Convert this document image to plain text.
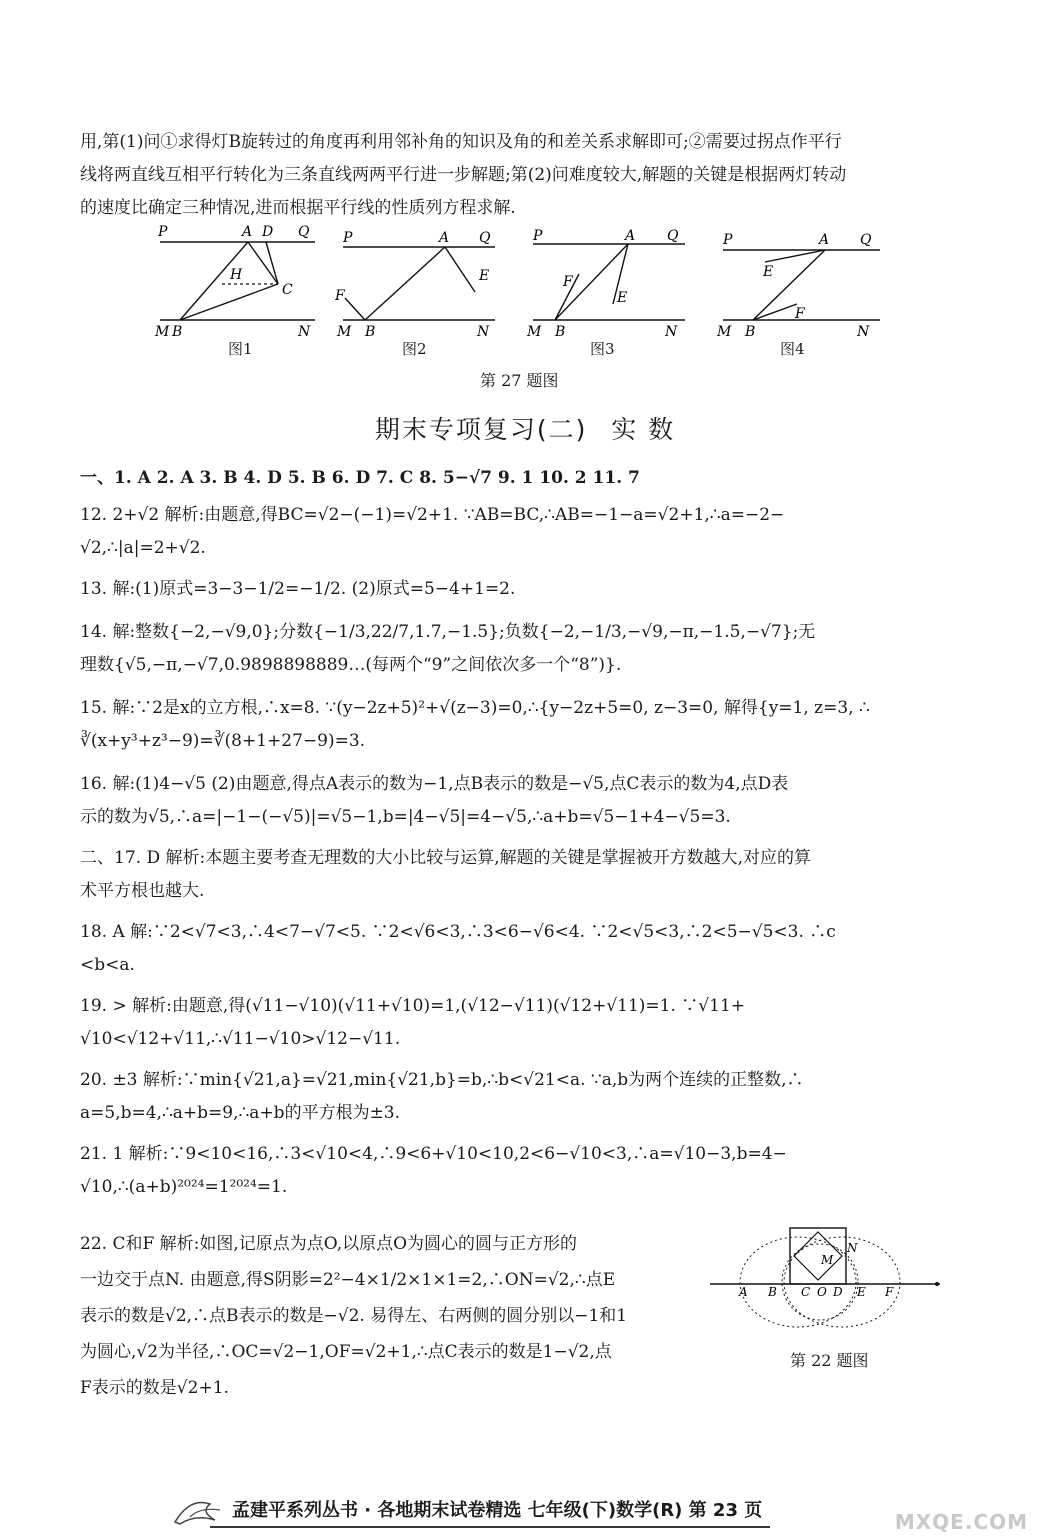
用,第(1)问①求得灯B旋转过的角度再利用邻补角的知识及角的和差关系求解即可;②需要过拐点作平行
线将两直线互相平行转化为三条直线两两平行进一步解题;第(2)问难度较大,解题的关键是根据两灯转动
的速度比确定三种情况,进而根据平行线的性质列方程求解.
P	A D Q
H
C
M B	N
图1
P	A Q
E
F
M B	N
图2
P	A Q
F
E
M B	N
图3
P	A Q
E
F
M B	N
图4
第 27 题图
期末专项复习(二) 实 数
一、1. A 2. A 3. B 4. D 5. B 6. D 7. C 8. 5−√7 9. 1 10. 2 11. 7
12. 2+√2 解析:由题意,得BC=√2−(−1)=√2+1. ∵AB=BC,∴AB=−1−a=√2+1,∴a=−2−
√2,∴|a|=2+√2.
13. 解:(1)原式=3−3−1/2=−1/2. (2)原式=5−4+1=2.
14. 解:整数{−2,−√9,0};分数{−1/3,22/7,1.7,−1.5̇};负数{−2,−1/3,−√9,−π,−1.5̇,−√7};无
理数{√5,−π,−√7,0.9898898889…(每两个“9”之间依次多一个“8”)}.
15. 解:∵2是x的立方根,∴x=8. ∵(y−2z+5)²+√(z−3)=0,∴{y−2z+5=0, z−3=0, 解得{y=1, z=3, ∴
∛(x+y³+z³−9)=∛(8+1+27−9)=3.
16. 解:(1)4−√5 (2)由题意,得点A表示的数为−1,点B表示的数是−√5,点C表示的数为4,点D表
示的数为√5,∴a=|−1−(−√5)|=√5−1,b=|4−√5|=4−√5,∴a+b=√5−1+4−√5=3.
二、17. D 解析:本题主要考查无理数的大小比较与运算,解题的关键是掌握被开方数越大,对应的算
术平方根也越大.
18. A 解:∵2<√7<3,∴4<7−√7<5. ∵2<√6<3,∴3<6−√6<4. ∵2<√5<3,∴2<5−√5<3. ∴c
<b<a.
19. > 解析:由题意,得(√11−√10)(√11+√10)=1,(√12−√11)(√12+√11)=1. ∵√11+
√10<√12+√11,∴√11−√10>√12−√11.
20. ±3 解析:∵min{√21,a}=√21,min{√21,b}=b,∴b<√21<a. ∵a,b为两个连续的正整数,∴
a=5,b=4,∴a+b=9,∴a+b的平方根为±3.
21. 1 解析:∵9<10<16,∴3<√10<4,∴9<6+√10<10,2<6−√10<3,∴a=√10−3,b=4−
√10,∴(a+b)²⁰²⁴=1²⁰²⁴=1.
22. C和F 解析:如图,记原点为点O,以原点O为圆心的圆与正方形的
一边交于点N. 由题意,得S阴影=2²−4×1/2×1×1=2,∴ON=√2,∴点E
表示的数是√2,∴点B表示的数是−√2. 易得左、右两侧的圆分别以−1和1
为圆心,√2为半径,∴OC=√2−1,OF=√2+1,∴点C表示的数是1−√2,点
F表示的数是√2+1.
M
N
A B C O D E F
第 22 题图
孟建平系列丛书 · 各地期末试卷精选 七年级(下)数学(R) 第 23 页	MXQE.COM
